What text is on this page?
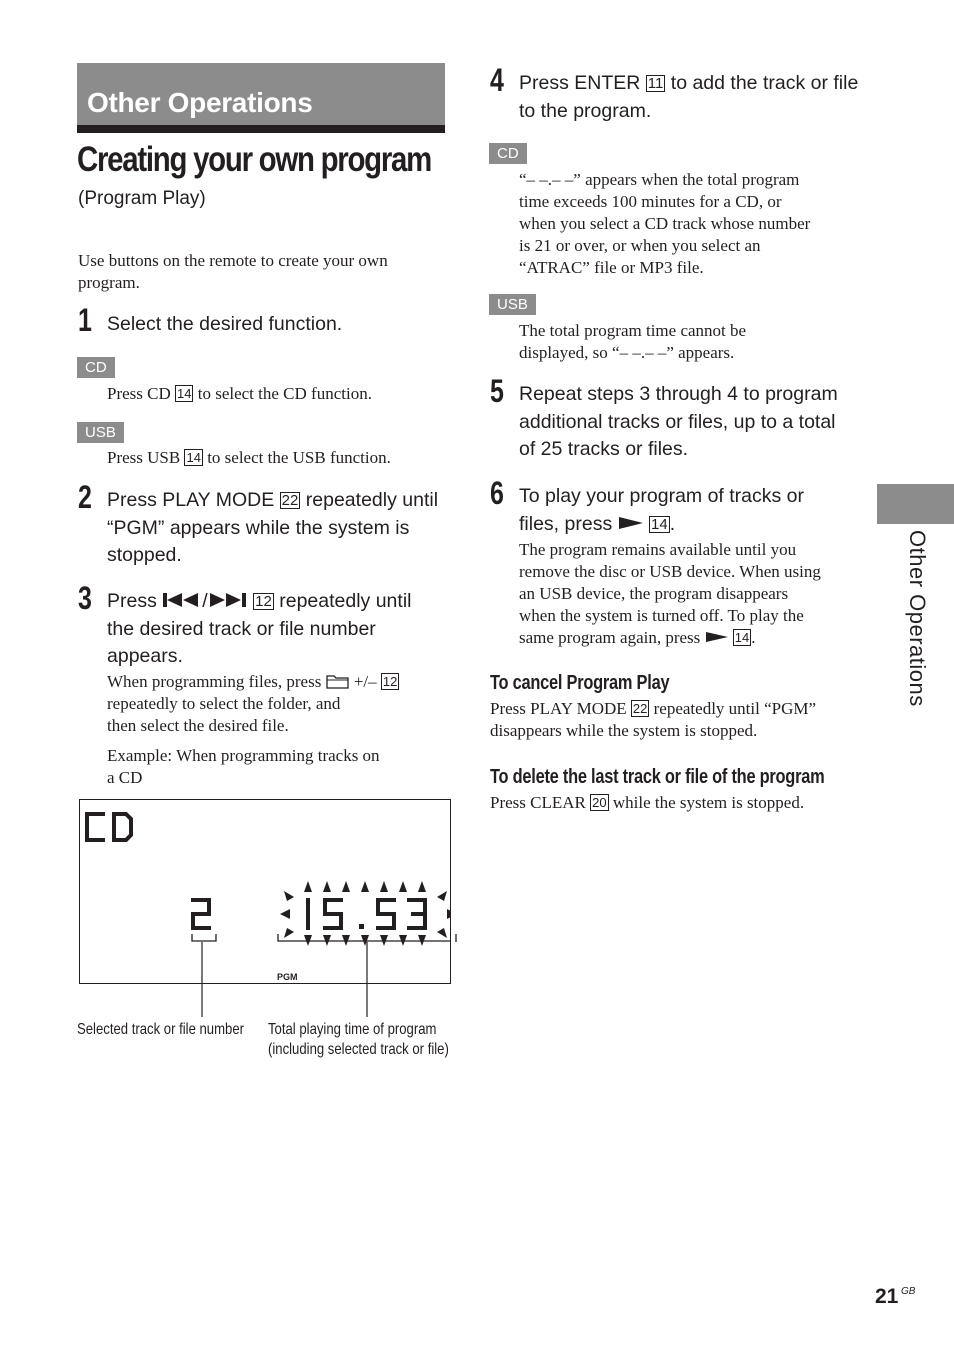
Other Operations
Creating your own program
(Program Play)
Use buttons on the remote to create your own program.
1 Select the desired function.
CD
Press CD 14 to select the CD function.
USB
Press USB 14 to select the USB function.
2 Press PLAY MODE 22 repeatedly until
“PGM” appears while the system is
stopped.
3 Press /	12 repeatedly until
the desired track or file number
appears.
When programming files, press +/– 12
repeatedly to select the folder, and
then select the desired file.
Example: When programming tracks on
a CD
PGM
Selected track or file number Total playing time of program
(including selected track or file)
4 Press ENTER 11 to add the track or file
to the program.
CD
“– –.– –” appears when the total program
time exceeds 100 minutes for a CD, or
when you select a CD track whose number
is 21 or over, or when you select an
“ATRAC” file or MP3 file.
USB
The total program time cannot be
displayed, so “– –.– –” appears.
5 Repeat steps 3 through 4 to program
additional tracks or files, up to a total
of 25 tracks or files.
6 To play your program of tracks or
files, press	14 .
The program remains available until you
remove the disc or USB device. When using
an USB device, the program disappears
when the system is turned off. To play the
same program again, press	14 .
To cancel Program Play
Press PLAY MODE 22 repeatedly until “PGM”
disappears while the system is stopped.
To delete the last track or file of the program
Press CLEAR 20 while the system is stopped.
Other Operations
21 GB
